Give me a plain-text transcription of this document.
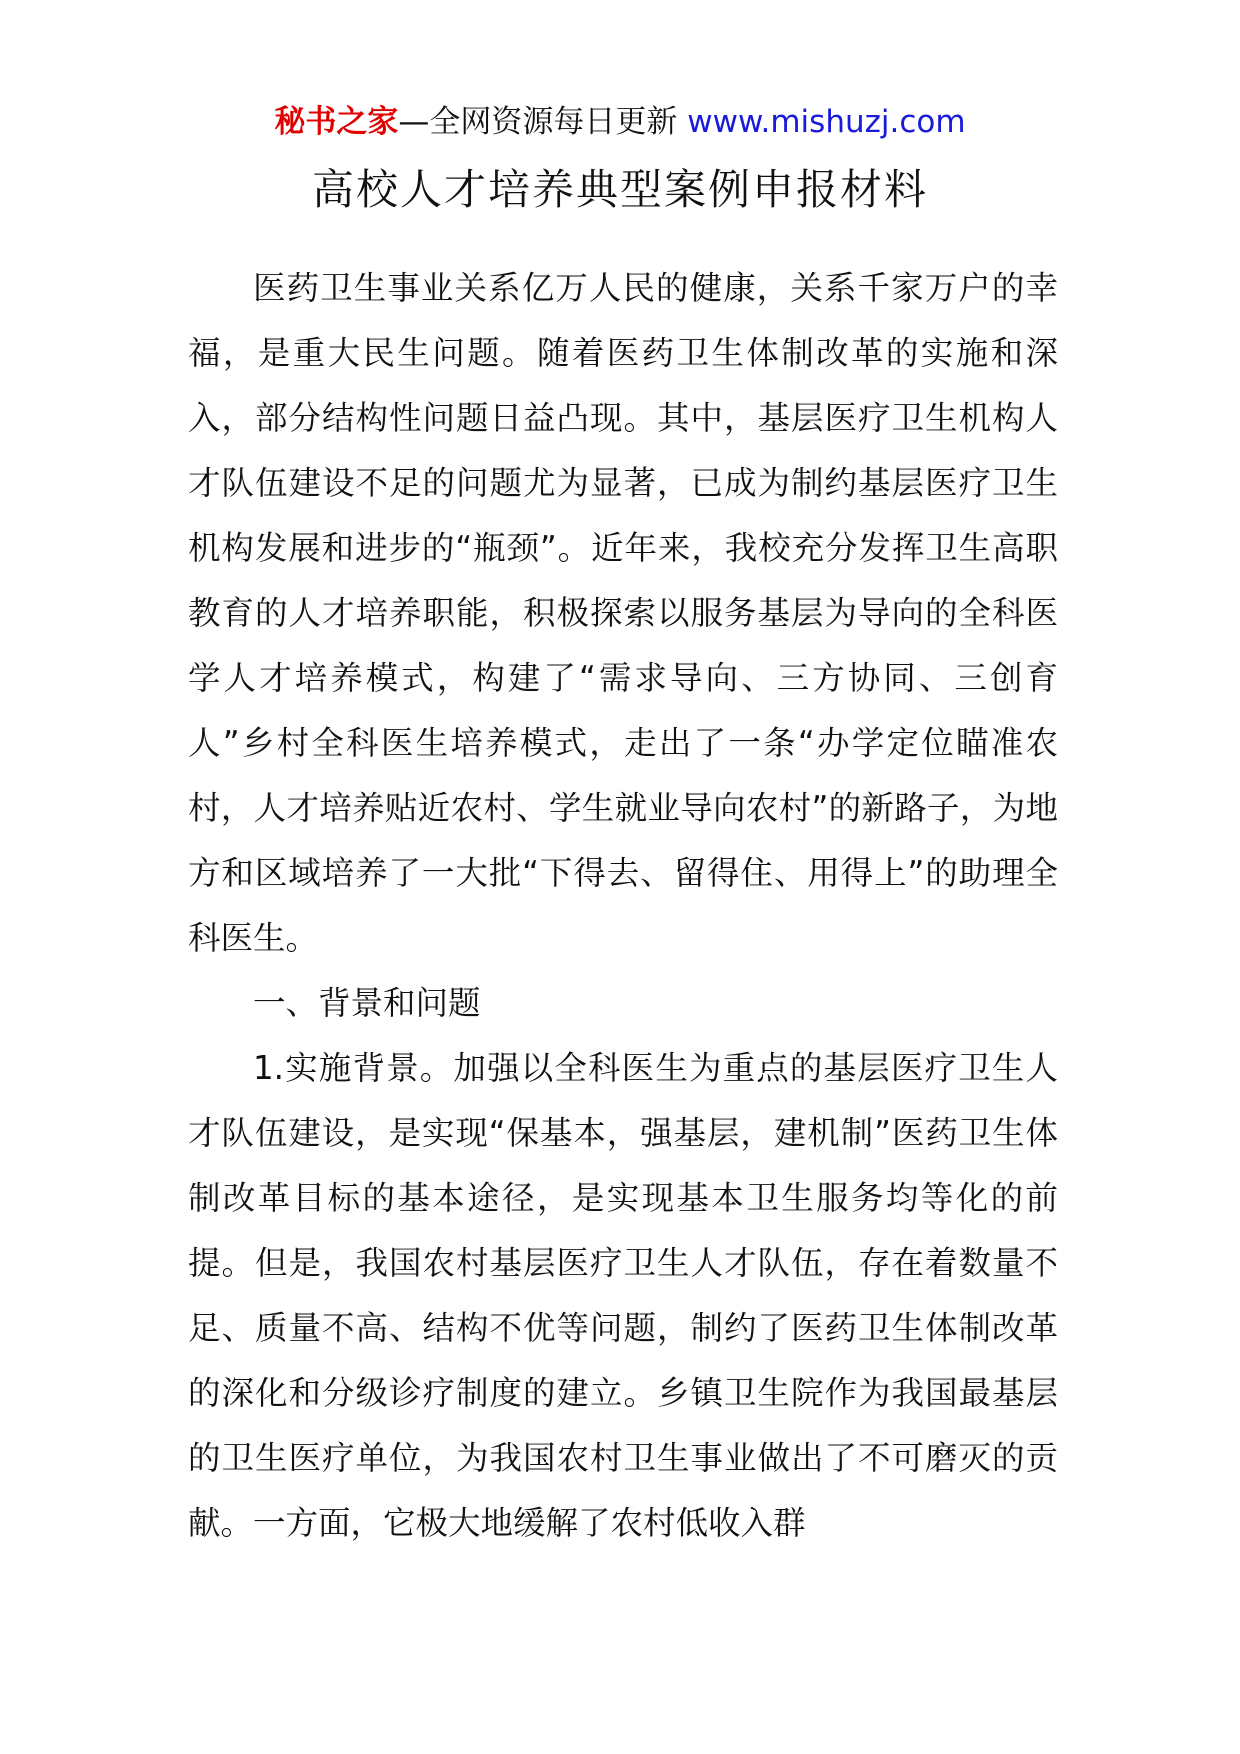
秘书之家—全网资源每日更新 www.mishuzj.com
高校人才培养典型案例申报材料

医药卫生事业关系亿万人民的健康，关系千家万户的幸福，是重大民生问题。随着医药卫生体制改革的实施和深入，部分结构性问题日益凸现。其中，基层医疗卫生机构人才队伍建设不足的问题尤为显著，已成为制约基层医疗卫生机构发展和进步的“瓶颈”。近年来，我校充分发挥卫生高职教育的人才培养职能，积极探索以服务基层为导向的全科医学人才培养模式，构建了“需求导向、三方协同、三创育人”乡村全科医生培养模式，走出了一条“办学定位瞄准农村，人才培养贴近农村、学生就业导向农村”的新路子，为地方和区域培养了一大批“下得去、留得住、用得上”的助理全科医生。

一、背景和问题

1.实施背景。加强以全科医生为重点的基层医疗卫生人才队伍建设，是实现“保基本，强基层，建机制”医药卫生体制改革目标的基本途径，是实现基本卫生服务均等化的前提。但是，我国农村基层医疗卫生人才队伍，存在着数量不足、质量不高、结构不优等问题，制约了医药卫生体制改革的深化和分级诊疗制度的建立。乡镇卫生院作为我国最基层的卫生医疗单位，为我国农村卫生事业做出了不可磨灭的贡献。一方面，它极大地缓解了农村低收入群
